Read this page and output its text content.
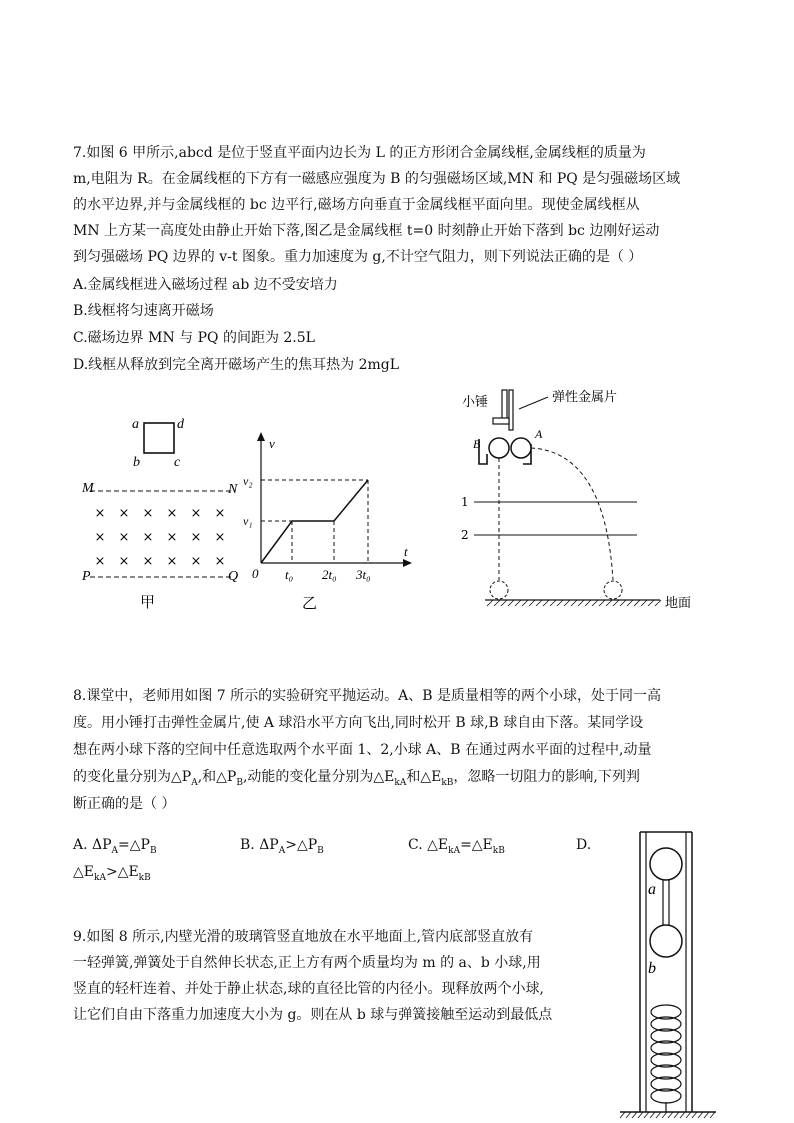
7.如图 6 甲所示,abcd 是位于竖直平面内边长为 L 的正方形闭合金属线框,金属线框的质量为
m,电阻为 R。在金属线框的下方有一磁感应强度为 B 的匀强磁场区域,MN 和 PQ 是匀强磁场区域
的水平边界,并与金属线框的 bc 边平行,磁场方向垂直于金属线框平面向里。现使金属线框从
MN 上方某一高度处由静止开始下落,图乙是金属线框 t=0 时刻静止开始下落到 bc 边刚好运动
到匀强磁场 PQ 边界的 v-t 图象。重力加速度为 g,不计空气阻力，则下列说法正确的是（ ）
A.金属线框进入磁场过程 ab 边不受安培力
B.线框将匀速离开磁场
C.磁场边界 MN 与 PQ 的间距为 2.5L
D.线框从释放到完全离开磁场产生的焦耳热为 2mgL
a	d
b c
M	N
P	Q
× × × × × ×
× × × × × ×
× × × × × ×
甲
v
t
0
v₂
v₁
t₀ 2t₀ 3t₀
乙
小锤	弹性金属片
B
A
1
2
地面
8.课堂中，老师用如图 7 所示的实验研究平抛运动。A、B 是质量相等的两个小球，处于同一高
度。用小锤打击弹性金属片,使 A 球沿水平方向飞出,同时松开 B 球,B 球自由下落。某同学设
想在两小球下落的空间中任意选取两个水平面 1、2,小球 A、B 在通过两水平面的过程中,动量
的变化量分别为$\triangle P_A$,和$\triangle P_B$,动能的变化量分别为$\triangle E_{kA}$和$\triangle E_{kB}$，忽略一切阻力的影响,下列判
断正确的是（ ）
A. $\Delta P_A=\triangle P_B$	B. $\Delta P_A>\triangle P_B$	C. $\triangle E_{kA}=\triangle E_{kB}$	D.
$\triangle E_{kA}>\triangle E_{kB}$
9.如图 8 所示,内壁光滑的玻璃管竖直地放在水平地面上,管内底部竖直放有
一轻弹簧,弹簧处于自然伸长状态,正上方有两个质量均为 m 的 a、b 小球,用
竖直的轻杆连着、并处于静止状态,球的直径比管的内径小。现释放两个小球,
让它们自由下落重力加速度大小为 g。则在从 b 球与弹簧接触至运动到最低点
a
b
